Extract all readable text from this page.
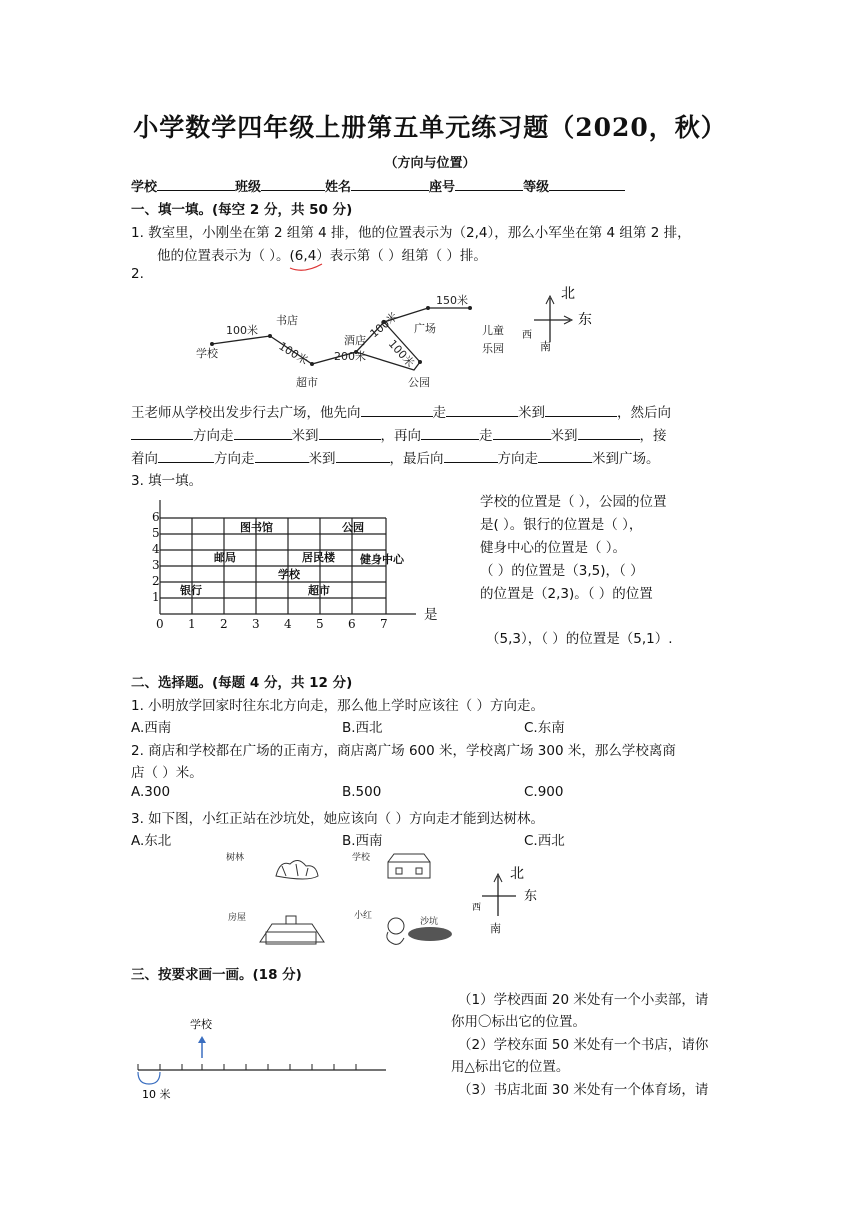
小学数学四年级上册第五单元练习题（2020，秋）
（方向与位置）
学校	班级	姓名	座号	等级
一、填一填。(每空 2 分，共 50 分)
1. 教室里，小刚坐在第 2 组第 4 排，他的位置表示为（2,4），那么小军坐在第 4 组第 2 排，
他的位置表示为（ ）。(6,4）表示第（ ）组第（ ）排。
2.
学校
书店
超市
酒店
公园
广场	儿童
乐园
100米
100米 200米
100米
100米
150米	北
东
西
南
王老师从学校出发步行去广场，他先向	走	米到	，然后向
方向走	米到	，再向	走	米到	，接
着向	方向走	米到	，最后向	方向走	米到广场。
3. 填一填。
图书馆	公园
邮局	居民楼 健身中心
学校
银行	超市
6
5
4
3
2
1
0 1 2 3 4 5 6 7
是
学校的位置是（ ），公园的位置
是( ）。银行的位置是（ ），
健身中心的位置是（ ）。
（ ）的位置是（3,5)，（ ）
的位置是（2,3)。（ ）的位置
（5,3），（ ）的位置是（5,1）.
二、选择题。(每题 4 分，共 12 分)
1. 小明放学回家时往东北方向走，那么他上学时应该往（ ）方向走。
A.西南	B.西北	C.东南
2. 商店和学校都在广场的正南方，商店离广场 600 米，学校离广场 300 米，那么学校离商
店（ ）米。
A.300	B.500	C.900
3. 如下图，小红正站在沙坑处，她应该向（ ）方向走才能到达树林。
A.东北	B.西南	C.西北
树林	学校
房屋	小红
沙坑
北
东
西
南
三、按要求画一画。(18 分)
学校
10 米
（1）学校西面 20 米处有一个小卖部，请
你用〇标出它的位置。
（2）学校东面 50 米处有一个书店，请你
用△标出它的位置。
（3）书店北面 30 米处有一个体育场，请
